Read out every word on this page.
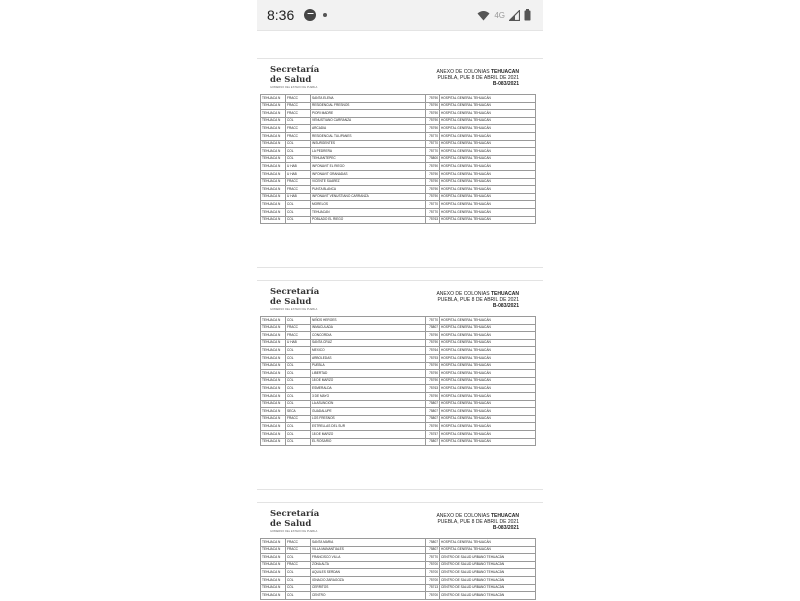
8:36	4G
Secretaría
de Salud
GOBIERNO DEL ESTADO DE PUEBLA
ANEXO DE COLONIAS TEHUACAN
PUEBLA, PUE 8 DE ABRIL DE 2021
B-083/2021
TEHUACA N	FRACC	SANTA ELENA	75790	HOSPITAL GENERAL TEHUACÁN
TEHUACA N	FRACC	RESIDENCIAL FRESNOS	75790	HOSPITAL GENERAL TEHUACÁN
TEHUACA N	FRACC	PIORI MADRE	75790	HOSPITAL GENERAL TEHUACÁN
TEHUACA N	COL	VENUSTIANO CARRANZA	75790	HOSPITAL GENERAL TEHUACÁN
TEHUACA N	FRACC	ARCADIA	75790	HOSPITAL GENERAL TEHUACÁN
TEHUACA N	FRACC	RESIDENCIAL TULIPANES	75770	HOSPITAL GENERAL TEHUACÁN
TEHUACA N	COL	INSURGENTES	75770	HOSPITAL GENERAL TEHUACÁN
TEHUACA N	COL	LA PEDRERA	75770	HOSPITAL GENERAL TEHUACÁN
TEHUACA N	COL	TEHUANTEPEC	75800	HOSPITAL GENERAL TEHUACÁN
TEHUACA N	U HAB	INFONAVIT EL RIEGO	75790	HOSPITAL GENERAL TEHUACÁN
TEHUACA N	U HAB	INFONAVIT GRANADAS	75790	HOSPITAL GENERAL TEHUACÁN
TEHUACA N	FRACC	VICENTE SUAREZ	75790	HOSPITAL GENERAL TEHUACÁN
TEHUACA N	FRACC	PUNTA BLANCA	75790	HOSPITAL GENERAL TEHUACÁN
TEHUACA N	U HAB	INFONAVIT VENUSTIANO CARRANZA	75790	HOSPITAL GENERAL TEHUACÁN
TEHUACA N	COL	MORELOS	75770	HOSPITAL GENERAL TEHUACÁN
TEHUACA N	COL	TEHUACAN	75770	HOSPITAL GENERAL TEHUACÁN
TEHUACA N	COL	POBLADO EL RIEGO	75763	HOSPITAL GENERAL TEHUACÁN
Secretaría
de Salud
GOBIERNO DEL ESTADO DE PUEBLA
ANEXO DE COLONIAS TEHUACAN
PUEBLA, PUE 8 DE ABRIL DE 2021
B-083/2021
TEHUACA N	COL	NIÑOS HEROES	75770	HOSPITAL GENERAL TEHUACÁN
TEHUACA N	FRACC	INMACULADA	75807	HOSPITAL GENERAL TEHUACÁN
TEHUACA N	FRACC	CONCORDIA	75790	HOSPITAL GENERAL TEHUACÁN
TEHUACA N	U HAB	SANTA CRUZ	75790	HOSPITAL GENERAL TEHUACÁN
TEHUACA N	COL	MEXICO	75764	HOSPITAL GENERAL TEHUACÁN
TEHUACA N	COL	ARBOLEDAS	75793	HOSPITAL GENERAL TEHUACÁN
TEHUACA N	COL	PUEBLA	75790	HOSPITAL GENERAL TEHUACÁN
TEHUACA N	COL	LIBERTAD	75790	HOSPITAL GENERAL TEHUACÁN
TEHUACA N	COL	18 DE MARZO	75790	HOSPITAL GENERAL TEHUACÁN
TEHUACA N	COL	ESMERALDA	75763	HOSPITAL GENERAL TEHUACÁN
TEHUACA N	COL	3 DE MAYO	75790	HOSPITAL GENERAL TEHUACÁN
TEHUACA N	COL	LA ASUNCION	75807	HOSPITAL GENERAL TEHUACÁN
TEHUACA N	SECA	GUADALUPE	75807	HOSPITAL GENERAL TEHUACÁN
TEHUACA N	FRACC	LOS FRESNOS	75807	HOSPITAL GENERAL TEHUACÁN
TEHUACA N	COL	ESTRELLAS DEL SUR	75790	HOSPITAL GENERAL TEHUACÁN
TEHUACA N	COL	18 DE MARZO	75757	HOSPITAL GENERAL TEHUACÁN
TEHUACA N	COL	EL ROSARIO	75807	HOSPITAL GENERAL TEHUACÁN
Secretaría
de Salud
GOBIERNO DEL ESTADO DE PUEBLA
ANEXO DE COLONIAS TEHUACAN
PUEBLA, PUE 8 DE ABRIL DE 2021
B-083/2021
TEHUACA N	FRACC	SANTA MARIA	75807	HOSPITAL GENERAL TEHUACÁN
TEHUACA N	FRACC	VILLA MANANTIALES	75807	HOSPITAL GENERAL TEHUACÁN
TEHUACA N	COL	FRANCISCO VILLA	75770	CENTRO DE SALUD URBANO TEHUACÁN
TEHUACA N	FRACC	ZONA ALTA	75700	CENTRO DE SALUD URBANO TEHUACÁN
TEHUACA N	COL	AQUILES SERDAN	75700	CENTRO DE SALUD URBANO TEHUACÁN
TEHUACA N	COL	IGNACIO ZARAGOZA	75700	CENTRO DE SALUD URBANO TEHUACÁN
TEHUACA N	COL	CERRITOS	75713	CENTRO DE SALUD URBANO TEHUACÁN
TEHUACA N	COL	CENTRO	75700	CENTRO DE SALUD URBANO TEHUACÁN
